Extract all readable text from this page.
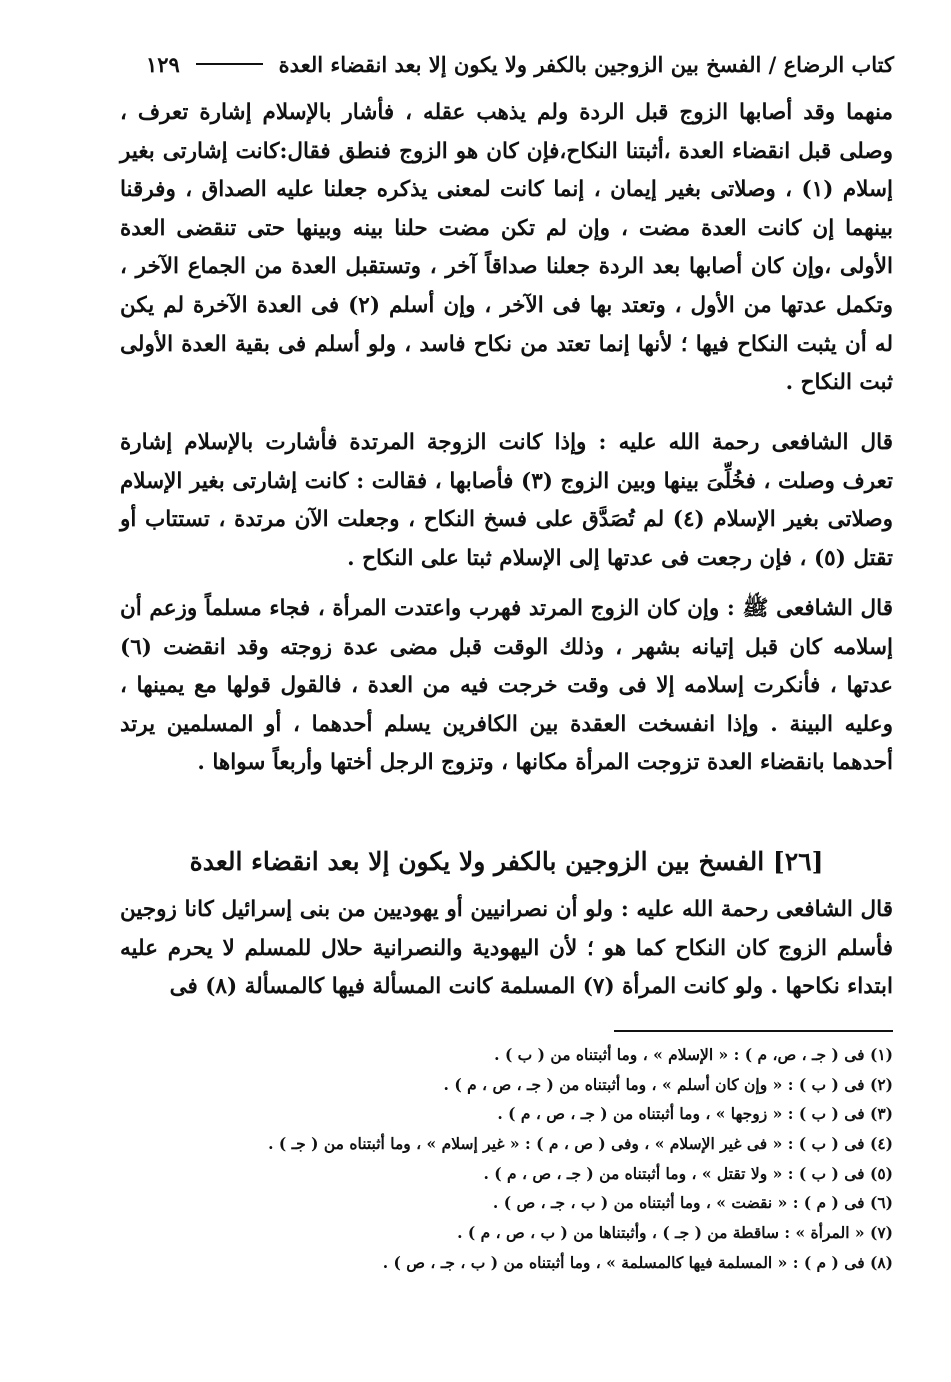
كتاب الرضاع / الفسخ بين الزوجين بالكفر ولا يكون إلا بعد انقضاء العدة
١٢٩

منهما وقد أصابها الزوج قبل الردة ولم يذهب عقله ، فأشار بالإسلام إشارة تعرف ، وصلى قبل انقضاء العدة ،أثبتنا النكاح،فإن كان هو الزوج فنطق فقال:كانت إشارتى بغير إسلام (١) ، وصلاتى بغير إيمان ، إنما كانت لمعنى يذكره جعلنا عليه الصداق ، وفرقنا بينهما إن كانت العدة مضت ، وإن لم تكن مضت حلنا بينه وبينها حتى تنقضى العدة الأولى ،وإن كان أصابها بعد الردة جعلنا صداقاً آخر ، وتستقبل العدة من الجماع الآخر ، وتكمل عدتها من الأول ، وتعتد بها فى الآخر ، وإن أسلم (٢) فى العدة الآخرة لم يكن له أن يثبت النكاح فيها ؛ لأنها إنما تعتد من نكاح فاسد ، ولو أسلم فى بقية العدة الأولى ثبت النكاح .

قال الشافعى رحمة الله عليه : وإذا كانت الزوجة المرتدة فأشارت بالإسلام إشارة تعرف وصلت ، فخُلِّىَ بينها وبين الزوج (٣) فأصابها ، فقالت : كانت إشارتى بغير الإسلام وصلاتى بغير الإسلام (٤) لم تُصَدَّق على فسخ النكاح ، وجعلت الآن مرتدة ، تستتاب أو تقتل (٥) ، فإن رجعت فى عدتها إلى الإسلام ثبتا على النكاح .

قال الشافعى ﷺ : وإن كان الزوج المرتد فهرب واعتدت المرأة ، فجاء مسلماً وزعم أن إسلامه كان قبل إتيانه بشهر ، وذلك الوقت قبل مضى عدة زوجته وقد انقضت (٦) عدتها ، فأنكرت إسلامه إلا فى وقت خرجت فيه من العدة ، فالقول قولها مع يمينها ، وعليه البينة . وإذا انفسخت العقدة بين الكافرين يسلم أحدهما ، أو المسلمين يرتد أحدهما بانقضاء العدة تزوجت المرأة مكانها ، وتزوج الرجل أختها وأربعاً سواها .

[٢٦] الفسخ بين الزوجين بالكفر ولا يكون إلا بعد انقضاء العدة

قال الشافعى رحمة الله عليه : ولو أن نصرانيين أو يهوديين من بنى إسرائيل كانا زوجين فأسلم الزوج كان النكاح كما هو ؛ لأن اليهودية والنصرانية حلال للمسلم لا يحرم عليه ابتداء نكاحها . ولو كانت المرأة (٧) المسلمة كانت المسألة فيها كالمسألة (٨) فى

(١) فى ( جـ ، ص، م ) : « الإسلام » ، وما أثبتناه من ( ب ) .
(٢) فى ( ب ) : « وإن كان أسلم » ، وما أثبتناه من ( جـ ، ص ، م ) .
(٣) فى ( ب ) : « زوجها » ، وما أثبتناه من ( جـ ، ص ، م ) .
(٤) فى ( ب ) : « فى غير الإسلام » ، وفى ( ص ، م ) : « غير إسلام » ، وما أثبتناه من ( جـ ) .
(٥) فى ( ب ) : « ولا تقتل » ، وما أثبتناه من ( جـ ، ص ، م ) .
(٦) فى ( م ) : « نقضت » ، وما أثبتناه من ( ب ، جـ ، ص ) .
(٧) « المرأة » : ساقطة من ( جـ ) ، وأثبتناها من ( ب ، ص ، م ) .
(٨) فى ( م ) : « المسلمة فيها كالمسلمة » ، وما أثبتناه من ( ب ، جـ ، ص ) .
